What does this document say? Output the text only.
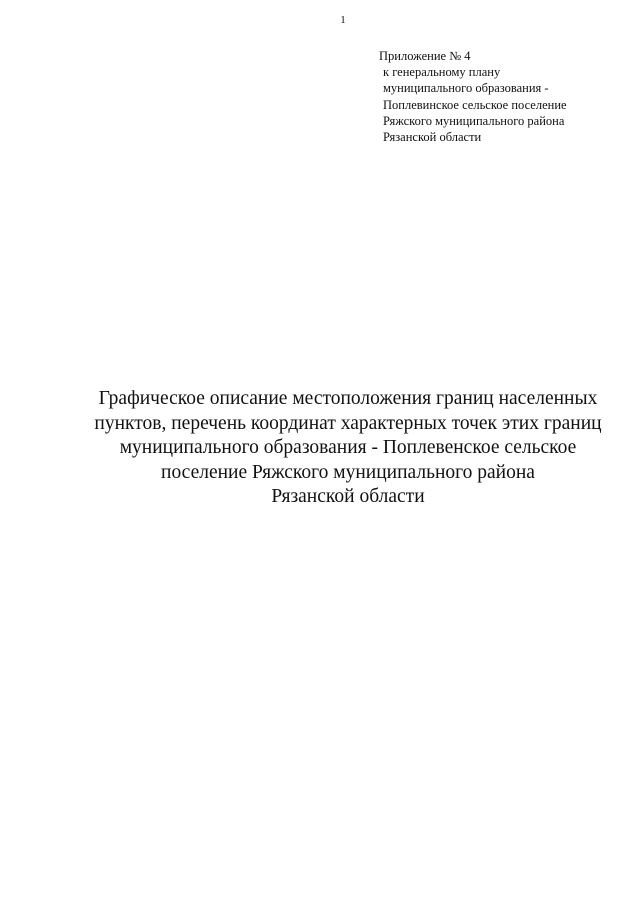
1
Приложение № 4
к генеральному плану
муниципального образования -
Поплевинское сельское поселение
Ряжского муниципального района
Рязанской области
Графическое описание местоположения границ населенных
пунктов, перечень координат характерных точек этих границ
муниципального образования - Поплевенское сельское
поселение Ряжского муниципального района
Рязанской области
